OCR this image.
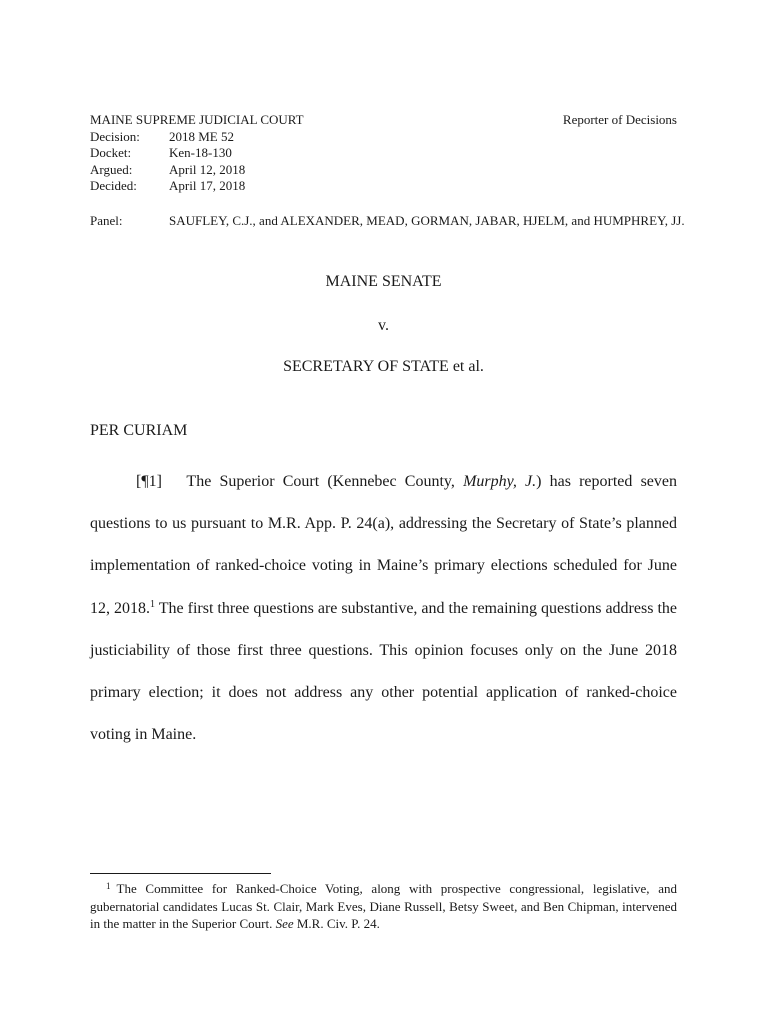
MAINE SUPREME JUDICIAL COURT
Decision:	2018 ME 52
Docket:	Ken-18-130
Argued:	April 12, 2018
Decided:	April 17, 2018
Reporter of Decisions
Panel:	SAUFLEY, C.J., and ALEXANDER, MEAD, GORMAN, JABAR, HJELM, and HUMPHREY, JJ.
MAINE SENATE
v.
SECRETARY OF STATE et al.
PER CURIAM

[¶1] The Superior Court (Kennebec County, Murphy, J.) has reported seven questions to us pursuant to M.R. App. P. 24(a), addressing the Secretary of State’s planned implementation of ranked-choice voting in Maine’s primary elections scheduled for June 12, 2018.$^1$ The first three questions are substantive, and the remaining questions address the justiciability of those first three questions. This opinion focuses only on the June 2018 primary election; it does not address any other potential application of ranked-choice voting in Maine.

$^1$ The Committee for Ranked-Choice Voting, along with prospective congressional, legislative, and gubernatorial candidates Lucas St. Clair, Mark Eves, Diane Russell, Betsy Sweet, and Ben Chipman, intervened in the matter in the Superior Court. See M.R. Civ. P. 24.
